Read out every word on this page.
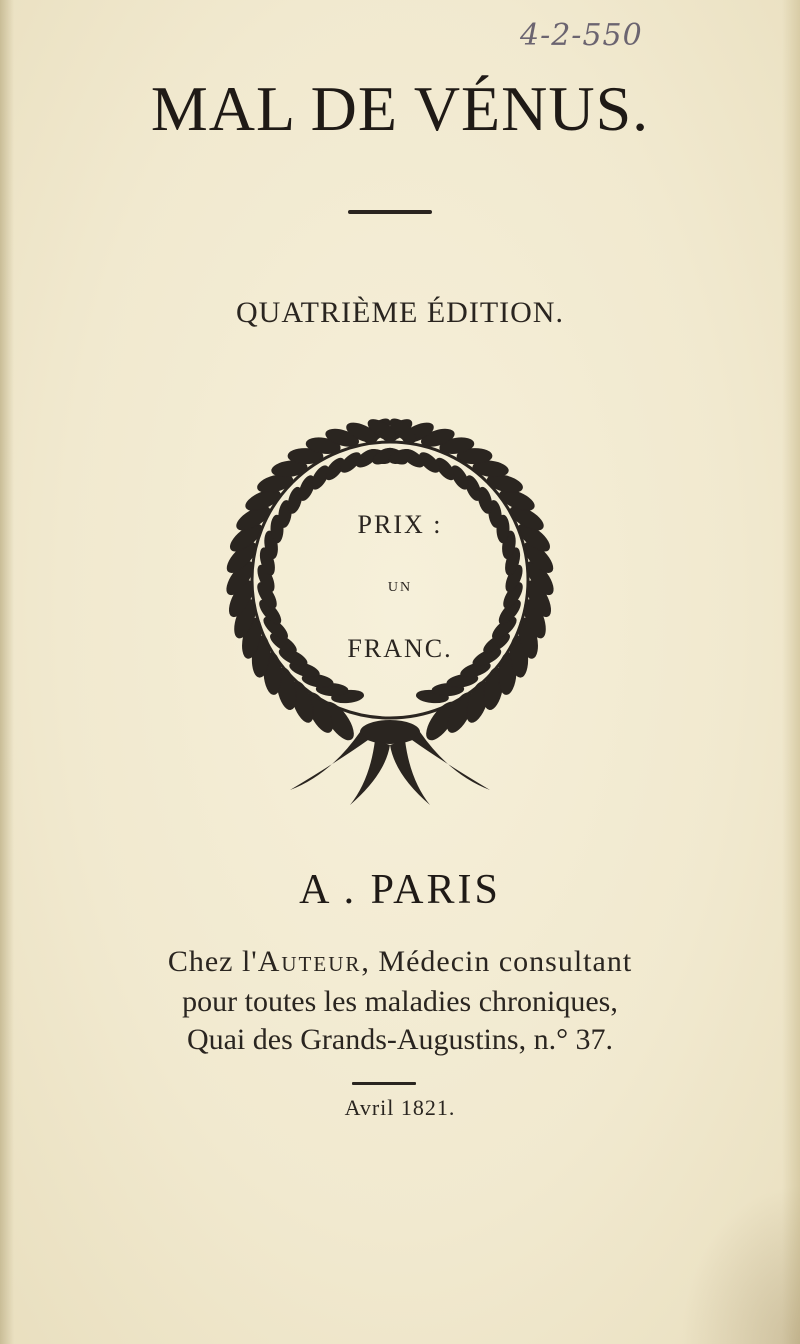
4-2-550
MAL DE VÉNUS.
QUATRIÈME ÉDITION.
PRIX :
UN
FRANC.
A . PARIS
Chez l'Auteur, Médecin consultant
pour toutes les maladies chroniques,
Quai des Grands-Augustins, n.° 37.
Avril 1821.
